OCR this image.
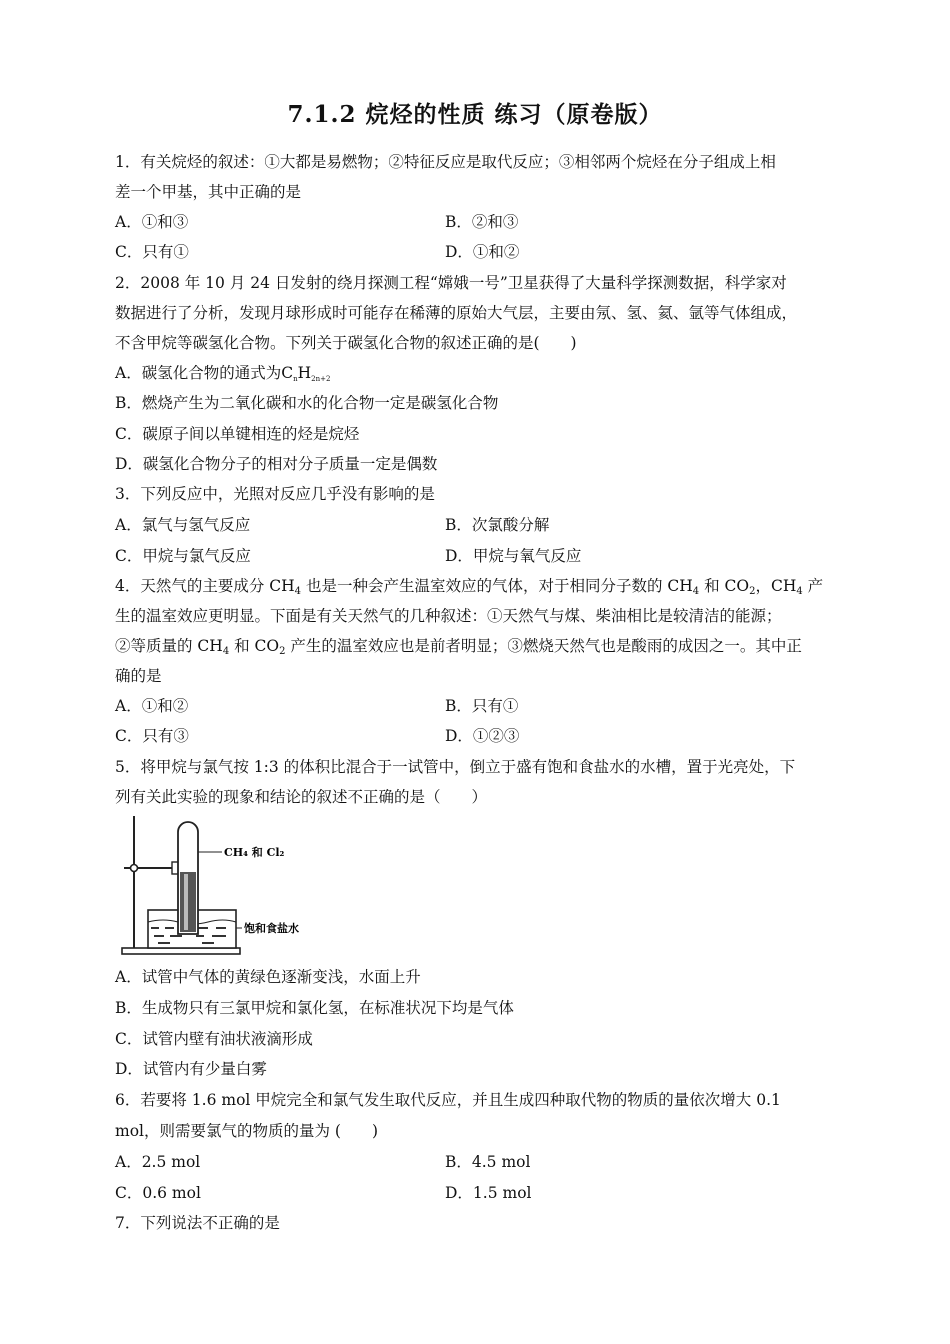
7.1.2 烷烃的性质 练习（原卷版）
1．有关烷烃的叙述：①大都是易燃物；②特征反应是取代反应；③相邻两个烷烃在分子组成上相
差一个甲基，其中正确的是
A．①和③	B．②和③
C．只有①	D．①和②
2．2008 年 10 月 24 日发射的绕月探测工程“嫦娥一号”卫星获得了大量科学探测数据，科学家对
数据进行了分析，发现月球形成时可能存在稀薄的原始大气层，主要由氖、氢、氦、氩等气体组成，
不含甲烷等碳氢化合物。下列关于碳氢化合物的叙述正确的是(　　)
A．碳氢化合物的通式为$C_nH_{2n+2}$
B．燃烧产生为二氧化碳和水的化合物一定是碳氢化合物
C．碳原子间以单键相连的烃是烷烃
D．碳氢化合物分子的相对分子质量一定是偶数
3．下列反应中，光照对反应几乎没有影响的是
A．氯气与氢气反应	B．次氯酸分解
C．甲烷与氯气反应	D．甲烷与氧气反应
4．天然气的主要成分 $CH_4$ 也是一种会产生温室效应的气体，对于相同分子数的 $CH_4$ 和 $CO_2$，$CH_4$ 产
生的温室效应更明显。下面是有关天然气的几种叙述：①天然气与煤、柴油相比是较清洁的能源；
②等质量的 $CH_4$ 和 $CO_2$ 产生的温室效应也是前者明显；③燃烧天然气也是酸雨的成因之一。其中正
确的是
A．①和②	B．只有①
C．只有③	D．①②③
5．将甲烷与氯气按 1:3 的体积比混合于一试管中，倒立于盛有饱和食盐水的水槽，置于光亮处，下
列有关此实验的现象和结论的叙述不正确的是（　　）
CH₄ 和 Cl₂
饱和食盐水
A．试管中气体的黄绿色逐渐变浅，水面上升
B．生成物只有三氯甲烷和氯化氢，在标准状况下均是气体
C．试管内壁有油状液滴形成
D．试管内有少量白雾
6．若要将 1.6 mol 甲烷完全和氯气发生取代反应，并且生成四种取代物的物质的量依次增大 0.1
mol，则需要氯气的物质的量为 (　　)
A．2.5 mol	B．4.5 mol
C．0.6 mol	D．1.5 mol
7．下列说法不正确的是
